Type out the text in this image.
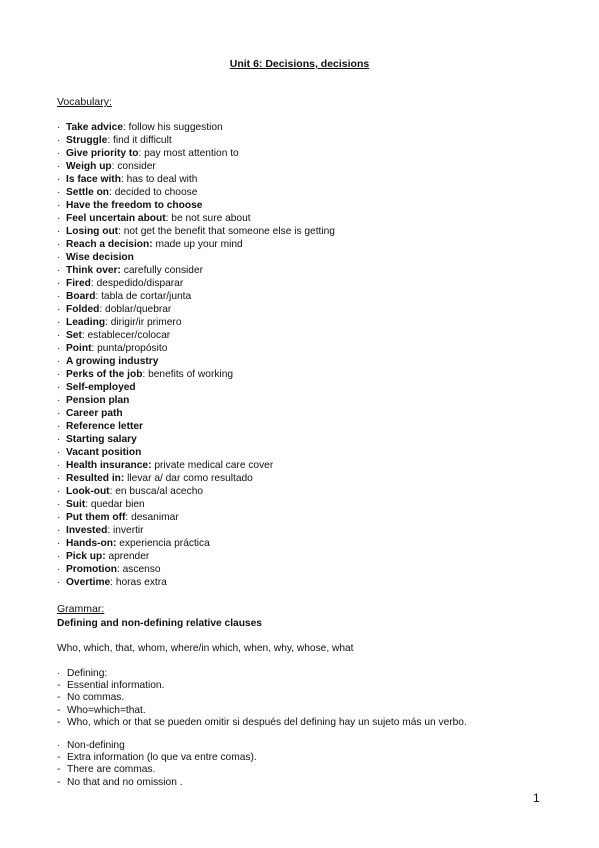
Unit 6: Decisions, decisions
Vocabulary:
· Take advice: follow his suggestion
· Struggle: find it difficult
· Give priority to: pay most attention to
· Weigh up: consider
· Is face with: has to deal with
· Settle on: decided to choose
· Have the freedom to choose
· Feel uncertain about: be not sure about
· Losing out: not get the benefit that someone else is getting
· Reach a decision: made up your mind
· Wise decision
· Think over: carefully consider
· Fired: despedido/disparar
· Board: tabla de cortar/junta
· Folded: doblar/quebrar
· Leading: dirigir/ir primero
· Set: establecer/colocar
· Point: punta/propósito
· A growing industry
· Perks of the job: benefits of working
· Self-employed
· Pension plan
· Career path
· Reference letter
· Starting salary
· Vacant position
· Health insurance: private medical care cover
· Resulted in: llevar a/ dar como resultado
· Look-out: en busca/al acecho
· Suit: quedar bien
· Put them off: desanimar
· Invested: invertir
· Hands-on: experiencia práctica
· Pick up: aprender
· Promotion: ascenso
· Overtime: horas extra
Grammar:
Defining and non-defining relative clauses
Who, which, that, whom, where/in which, when, why, whose, what
· Defining:
- Essential information.
- No commas.
- Who=which=that.
- Who, which or that se pueden omitir si después del defining hay un sujeto más un verbo.
· Non-defining
- Extra information (lo que va entre comas).
- There are commas.
- No that and no omission .
1
